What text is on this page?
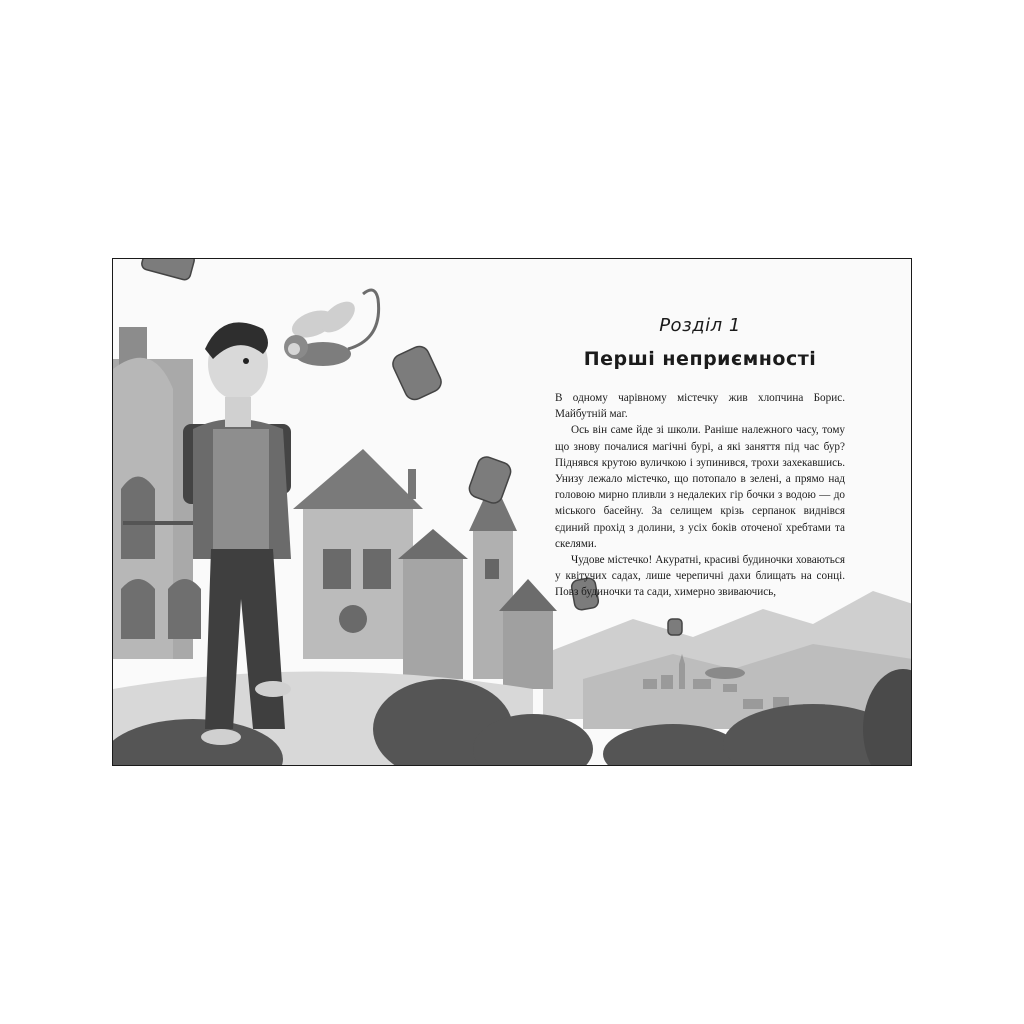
Розділ 1

Перші неприємності

В одному чарівному містечку жив хлопчина Борис. Майбутній маг.

Ось він саме йде зі школи. Раніше належного часу, тому що знову почалися магічні бурі, а які заняття під час бур? Піднявся крутою вуличкою і зупинився, трохи захекавшись. Унизу лежало містечко, що потопало в зелені, а прямо над головою мирно пливли з недалеких гір бочки з водою — до міського басейну. За селищем крізь серпанок виднівся єдиний прохід з долини, з усіх боків оточеної хребтами та скелями.

Чудове містечко! Акуратні, красиві будиночки ховаються у квітучих садах, лише черепичні дахи блищать на сонці. Повз будиночки та сади, химерно звиваючись,
